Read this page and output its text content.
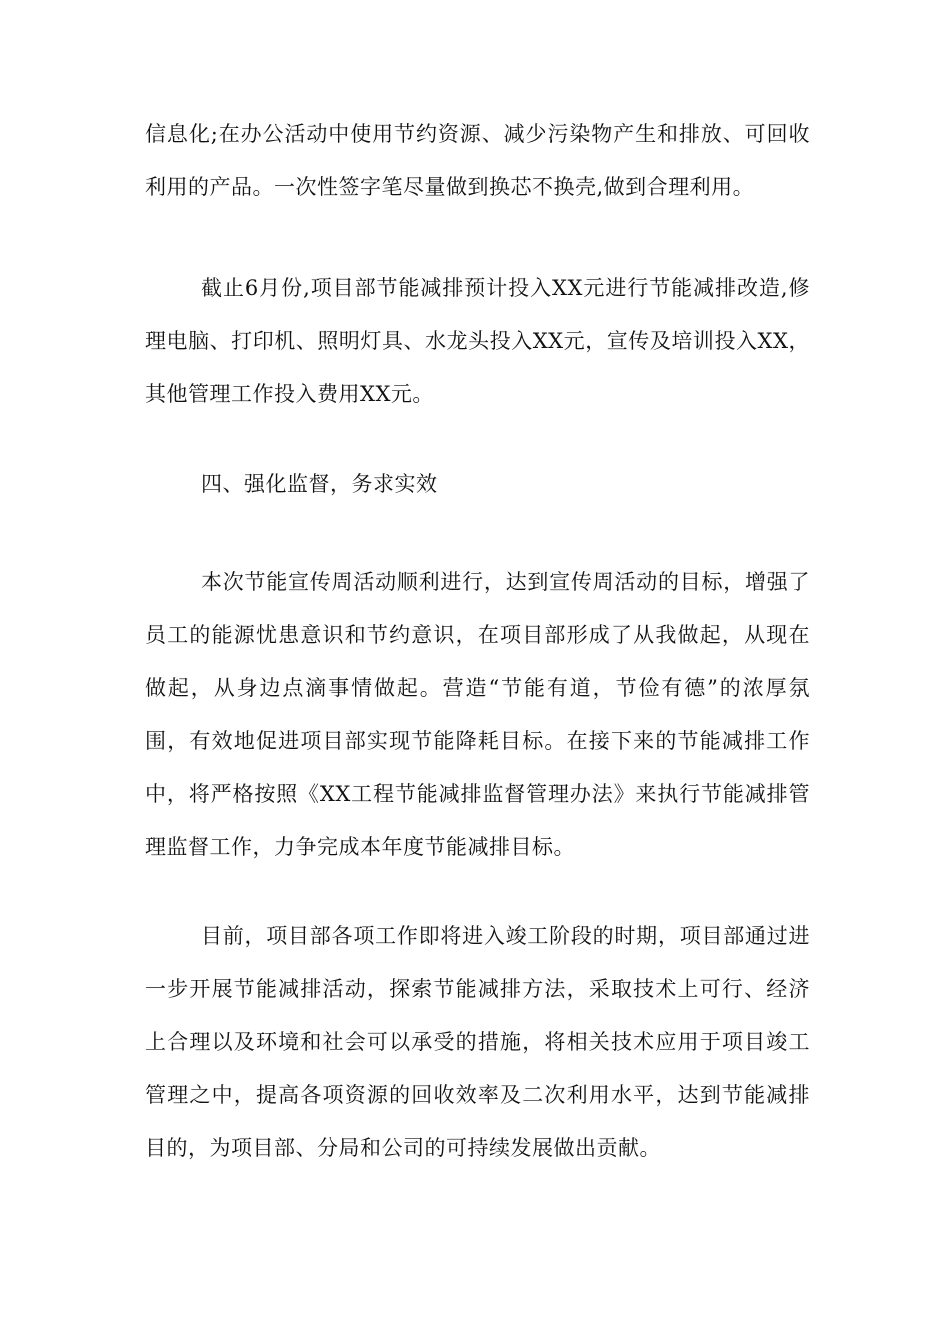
信息化;在办公活动中使用节约资源、减少污染物产生和排放、可回收利用的产品。一次性签字笔尽量做到换芯不换壳,做到合理利用。

截止6月份,项目部节能减排预计投入XX元进行节能减排改造,修理电脑、打印机、照明灯具、水龙头投入XX元，宣传及培训投入XX，其他管理工作投入费用XX元。

四、强化监督，务求实效

本次节能宣传周活动顺利进行，达到宣传周活动的目标，增强了员工的能源忧患意识和节约意识，在项目部形成了从我做起，从现在做起，从身边点滴事情做起。营造“节能有道，节俭有德”的浓厚氛围，有效地促进项目部实现节能降耗目标。在接下来的节能减排工作中，将严格按照《XX工程节能减排监督管理办法》来执行节能减排管理监督工作，力争完成本年度节能减排目标。

目前，项目部各项工作即将进入竣工阶段的时期，项目部通过进一步开展节能减排活动，探索节能减排方法，采取技术上可行、经济上合理以及环境和社会可以承受的措施，将相关技术应用于项目竣工管理之中，提高各项资源的回收效率及二次利用水平，达到节能减排目的，为项目部、分局和公司的可持续发展做出贡献。
